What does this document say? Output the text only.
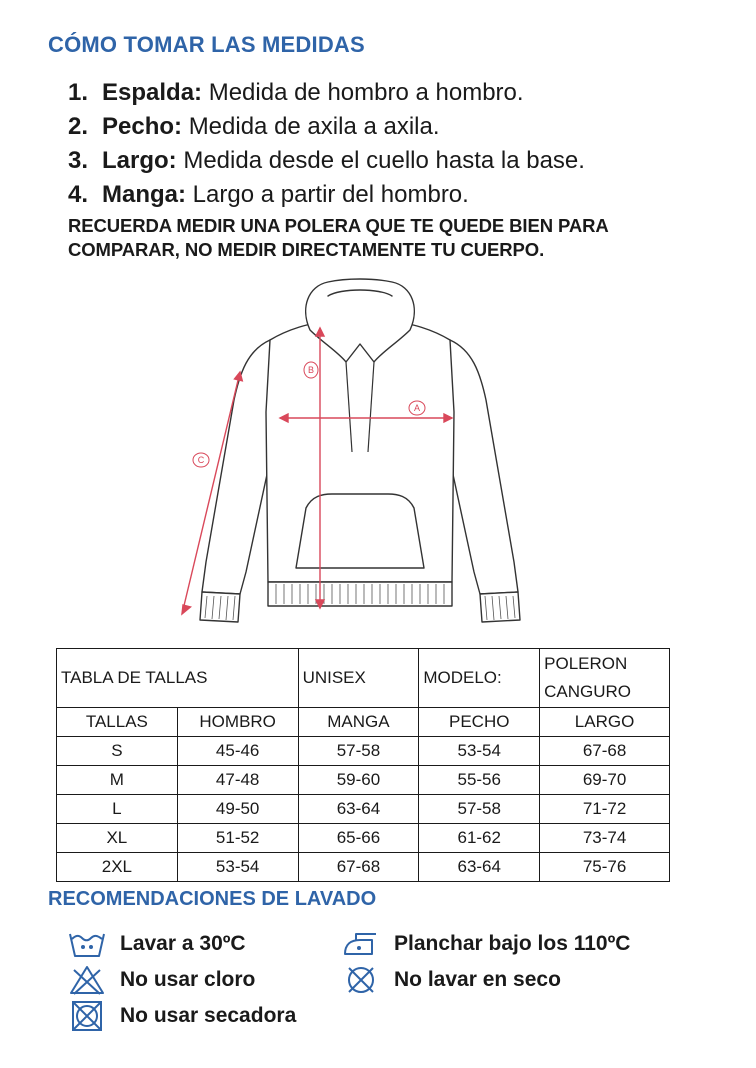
CÓMO TOMAR LAS MEDIDAS
1. Espalda: Medida de hombro a hombro.
2. Pecho: Medida de axila a axila.
3. Largo: Medida desde el cuello hasta la base.
4. Manga: Largo a partir del hombro.

RECUERDA MEDIR UNA POLERA QUE TE QUEDE BIEN PARA COMPARAR, NO MEDIR DIRECTAMENTE TU CUERPO.

A
B
C
TABLA DE TALLAS		UNISEX	MODELO:	POLERON
CANGURO
TALLAS	HOMBRO	MANGA	PECHO	LARGO
S	45-46	57-58	53-54	67-68
M	47-48	59-60	55-56	69-70
L	49-50	63-64	57-58	71-72
XL	51-52	65-66	61-62	73-74
2XL	53-54	67-68	63-64	75-76
RECOMENDACIONES DE LAVADO
Lavar a 30ºC
No usar cloro
No usar secadora
Planchar bajo los 110ºC
No lavar en seco
